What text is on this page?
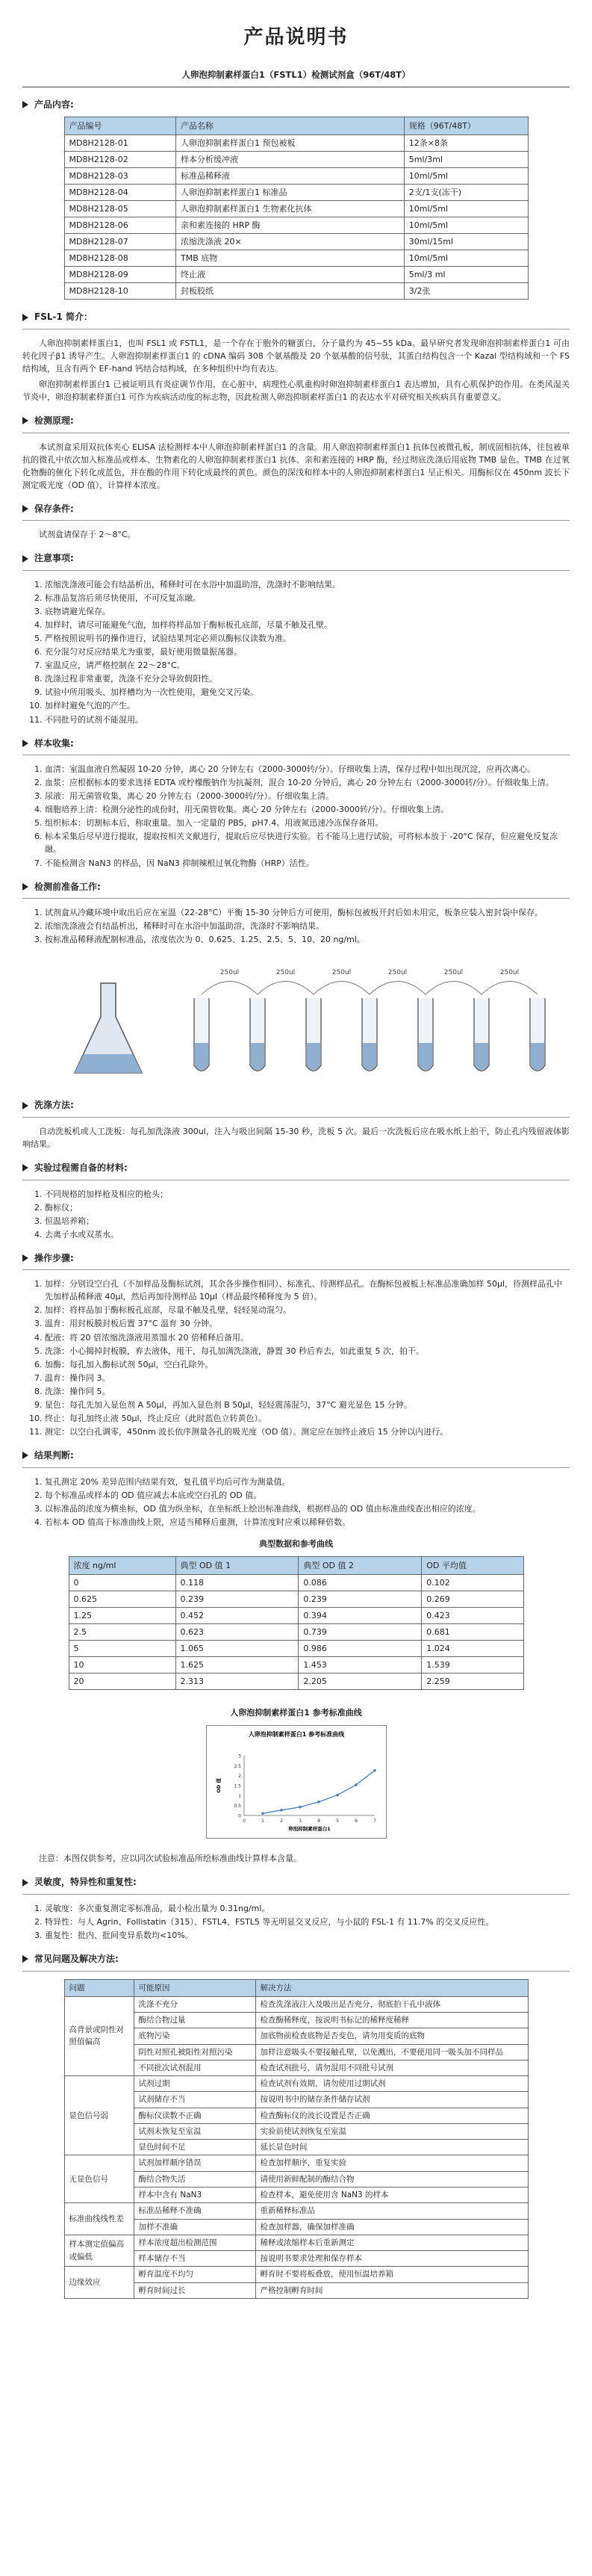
产品说明书
人卵泡抑制素样蛋白1（FSTL1）检测试剂盒（96T/48T）
产品内容:
产品编号	产品名称	规格（96T/48T）
MD8H2128-01	人卵泡抑制素样蛋白1 预包被板	12条×8条
MD8H2128-02	样本分析缓冲液	5ml/3ml
MD8H2128-03	标准品稀释液	10ml/5ml
MD8H2128-04	人卵泡抑制素样蛋白1 标准品	2支/1支(冻干)
MD8H2128-05	人卵泡抑制素样蛋白1 生物素化抗体	10ml/5ml
MD8H2128-06	亲和素连接的 HRP 酶	10ml/5ml
MD8H2128-07	浓缩洗涤液 20×	30ml/15ml
MD8H2128-08	TMB 底物	10ml/5ml
MD8H2128-09	终止液	5ml/3 ml
MD8H2128-10	封板胶纸	3/2张
FSL-1 简介：

人卵泡抑制素样蛋白1，也叫 FSL1 或 FSTL1，是一个存在于胞外的糖蛋白，分子量约为 45~55 kDa。最早研究者发现卵泡抑制素样蛋白1 可由转化因子β1 诱导产生。人卵泡抑制素样蛋白1 的 cDNA 编码 308 个氨基酸及 20 个氨基酸的信号肽，其蛋白结构包含一个 Kazal 型结构域和一个 FS 结构域，且含有两个 EF-hand 钙结合结构域，在多种组织中均有表达。

卵泡抑制素样蛋白1 已被证明具有炎症调节作用，在心脏中，病理性心肌重构时卵泡抑制素样蛋白1 表达增加，具有心肌保护的作用。在类风湿关节炎中，卵泡抑制素样蛋白1 可作为疾病活动度的标志物，因此检测人卵泡抑制素样蛋白1 的表达水平对研究相关疾病具有重要意义。

检测原理:

本试剂盒采用双抗体夹心 ELISA 法检测样本中人卵泡抑制素样蛋白1 的含量。用人卵泡抑制素样蛋白1 抗体包被微孔板，制成固相抗体，往包被单抗的微孔中依次加入标准品或样本、生物素化的人卵泡抑制素样蛋白1 抗体、亲和素连接的 HRP 酶，经过彻底洗涤后用底物 TMB 显色。TMB 在过氧化物酶的催化下转化成蓝色，并在酸的作用下转化成最终的黄色。颜色的深浅和样本中的人卵泡抑制素样蛋白1 呈正相关。用酶标仪在 450nm 波长下测定吸光度（OD 值），计算样本浓度。

保存条件:

试剂盒请保存于 2～8°C。

注意事项:
1. 浓缩洗涤液可能会有结晶析出，稀释时可在水浴中加温助溶，洗涤时不影响结果。
2. 标准品复溶后须尽快使用，不可反复冻融。
3. 底物请避光保存。
4. 加样时，请尽可能避免气泡，加样将样品加于酶标板孔底部，尽量不触及孔壁。
5. 严格按照说明书的操作进行，试验结果判定必须以酶标仪读数为准。
6. 充分混匀对反应结果尤为重要，最好使用微量振荡器。
7. 室温反应，请严格控制在 22～28°C。
8. 洗涤过程非常重要，洗涤不充分会导致假阳性。
9. 试验中所用吸头、加样槽均为一次性使用，避免交叉污染。
10. 加样时避免气泡的产生。
11. 不同批号的试剂不能混用。
样本收集:
1. 血清：室温血液自然凝固 10-20 分钟，离心 20 分钟左右（2000-3000转/分）。仔细收集上清，保存过程中如出现沉淀，应再次离心。
2. 血浆：应根据标本的要求选择 EDTA 或柠檬酸钠作为抗凝剂，混合 10-20 分钟后，离心 20 分钟左右（2000-3000转/分）。仔细收集上清。
3. 尿液：用无菌管收集，离心 20 分钟左右（2000-3000转/分）。仔细收集上清。
4. 细胞培养上清：检测分泌性的成份时，用无菌管收集。离心 20 分钟左右（2000-3000转/分）。仔细收集上清。
5. 组织标本：切割标本后，称取重量。加入一定量的 PBS，pH7.4。用液氮迅速冷冻保存备用。
6. 标本采集后尽早进行提取，提取按相关文献进行，提取后应尽快进行实验。若不能马上进行试验，可将标本放于 -20°C 保存，但应避免反复冻融。
7. 不能检测含 NaN3 的样品，因 NaN3 抑制辣根过氧化物酶（HRP）活性。
检测前准备工作:
1. 试剂盒从冷藏环境中取出后应在室温（22-28°C）平衡 15-30 分钟后方可使用，酶标包被板开封后如未用完，板条应装入密封袋中保存。
2. 浓缩洗涤液会有结晶析出，稀释时可在水浴中加温助溶，洗涤时不影响结果。
3. 按标准品稀释液配制标准品，浓度依次为 0、0.625、1.25、2.5、5、10、20 ng/ml。
250ul	250ul	250ul	250ul	250ul	250ul
洗涤方法:

自动洗板机或人工洗板：每孔加洗涤液 300ul，注入与吸出间隔 15-30 秒，洗板 5 次。最后一次洗板后应在吸水纸上拍干，防止孔内残留液体影响结果。

实验过程需自备的材料:
1. 不同规格的加样枪及相应的枪头；
2. 酶标仪；
3. 恒温培养箱；
4. 去离子水或双蒸水。
操作步骤:
1. 加样：分别设空白孔（不加样品及酶标试剂，其余各步操作相同）、标准孔、待测样品孔。在酶标包被板上标准品准确加样 50μl，待测样品孔中先加样品稀释液 40μl，然后再加待测样品 10μl（样品最终稀释度为 5 倍）。
2. 加样：将样品加于酶标板孔底部，尽量不触及孔壁，轻轻晃动混匀。
3. 温育：用封板膜封板后置 37°C 温育 30 分钟。
4. 配液：将 20 倍浓缩洗涤液用蒸馏水 20 倍稀释后备用。
5. 洗涤：小心揭掉封板膜，弃去液体，甩干，每孔加满洗涤液，静置 30 秒后弃去，如此重复 5 次，拍干。
6. 加酶：每孔加入酶标试剂 50μl，空白孔除外。
7. 温育：操作同 3。
8. 洗涤：操作同 5。
9. 显色：每孔先加入显色剂 A 50μl，再加入显色剂 B 50μl，轻轻震荡混匀，37°C 避光显色 15 分钟。
10. 终止：每孔加终止液 50μl，终止反应（此时蓝色立转黄色）。
11. 测定：以空白孔调零，450nm 波长依序测量各孔的吸光度（OD 值）。测定应在加终止液后 15 分钟以内进行。
结果判断:
1. 复孔测定 20% 差异范围内结果有效，复孔值平均后可作为测量值。
2. 每个标准品或样本的 OD 值应减去本底或空白孔的 OD 值。
3. 以标准品的浓度为横坐标，OD 值为纵坐标，在坐标纸上绘出标准曲线，根据样品的 OD 值由标准曲线查出相应的浓度。
4. 若标本 OD 值高于标准曲线上限，应适当稀释后重测，计算浓度时应乘以稀释倍数。
典型数据和参考曲线
浓度 ng/ml	典型 OD 值 1	典型 OD 值 2	OD 平均值
0	0.118	0.086	0.102
0.625	0.239	0.239	0.269
1.25	0.452	0.394	0.423
2.5	0.623	0.739	0.681
5	1.065	0.986	1.024
10	1.625	1.453	1.539
20	2.313	2.205	2.259
人卵泡抑制素样蛋白1 参考标准曲线
人卵泡抑制素样蛋白1 参考标准曲线
0
0.5
1
1.5
2
2.5
3
0	1	2	3	4	5	6	7
卵泡抑制素样蛋白1
OD 值

注意：本图仅供参考，应以同次试验标准品所绘标准曲线计算样本含量。

灵敏度，特异性和重复性:
1. 灵敏度：多次重复测定零标准品，最小检出量为 0.31ng/ml。
2. 特异性：与人 Agrin、Follistatin（315）、FSTL4、FSTL5 等无明显交叉反应，与小鼠的 FSL-1 有 11.7% 的交叉反应性。
3. 重复性：批内、批间变异系数均<10%。
常见问题及解决方法:
问题	可能原因	解决方法
高背景或阴性对照值偏高	洗涤不充分	检查洗涤液注入及吸出是否充分，彻底拍干孔中液体
	酶结合物过量	检查酶稀释度，按说明书标记的稀释度稀释
	底物污染	加底物前检查底物是否变色，请勿用变质的底物
	阴性对照孔被阳性对照污染	加样注意吸头不要接触孔壁，以免溅出，不要使用同一吸头加不同样品
	不同批次试剂混用	检查试剂批号，请勿混用不同批号试剂
显色信号弱	试剂过期	检查试剂有效期，请勿使用过期试剂
	试剂储存不当	按说明书中的储存条件储存试剂
	酶标仪读数不正确	检查酶标仪的波长设置是否正确
	试剂未恢复至室温	实验前使试剂恢复至室温
	显色时间不足	延长显色时间
无显色信号	试剂加样顺序错误	检查加样顺序，重复实验
	酶结合物失活	请使用新鲜配制的酶结合物
	样本中含有 NaN3	检查样本，避免使用含 NaN3 的样本
标准曲线线性差	标准品稀释不准确	重新稀释标准品
	加样不准确	检查加样器，确保加样准确
样本测定值偏高或偏低	样本浓度超出检测范围	稀释或浓缩样本后重新测定
	样本储存不当	按说明书要求处理和保存样本
边缘效应	孵育温度不均匀	孵育时不要将板叠放，使用恒温培养箱
	孵育时间过长	严格控制孵育时间
